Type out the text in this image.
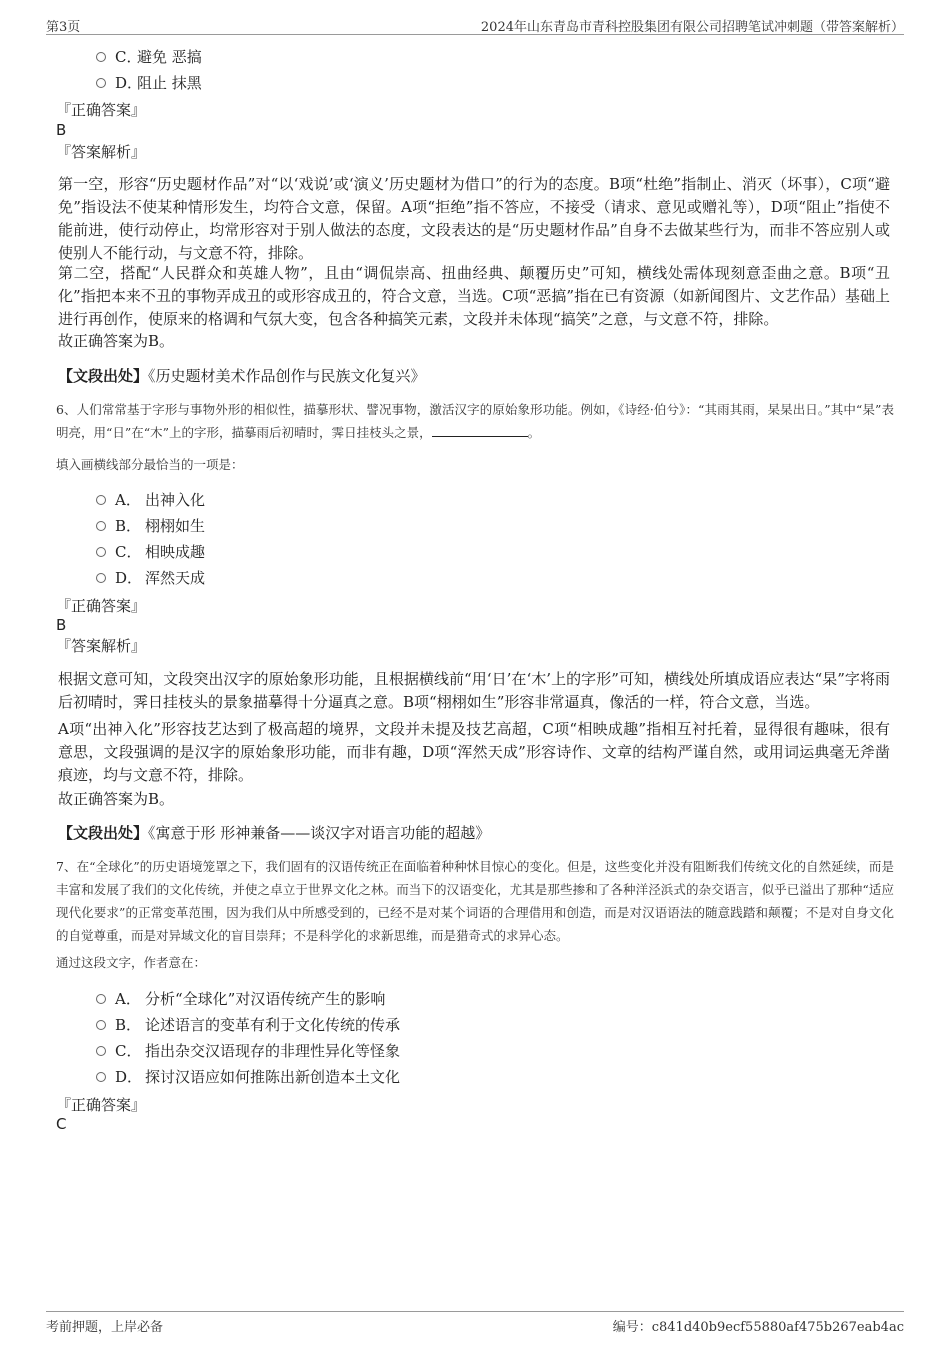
第3页	2024年山东青岛市青科控股集团有限公司招聘笔试冲刺题（带答案解析）
C．避免 恶搞
D．阻止 抹黑
『正确答案』
B
『答案解析』

第一空，形容“历史题材作品”对“以‘戏说’或‘演义’历史题材为借口”的行为的态度。B项“杜绝”指制止、消灭（坏事），C项“避免”指设法不使某种情形发生，均符合文意，保留。A项“拒绝”指不答应，不接受（请求、意见或赠礼等），D项“阻止”指使不能前进，使行动停止，均常形容对于别人做法的态度，文段表达的是“历史题材作品”自身不去做某些行为，而非不答应别人或使别人不能行动，与文意不符，排除。

第二空，搭配“人民群众和英雄人物”，且由“调侃崇高、扭曲经典、颠覆历史”可知，横线处需体现刻意歪曲之意。B项“丑化”指把本来不丑的事物弄成丑的或形容成丑的，符合文意，当选。C项“恶搞”指在已有资源（如新闻图片、文艺作品）基础上进行再创作，使原来的格调和气氛大变，包含各种搞笑元素，文段并未体现“搞笑”之意，与文意不符，排除。

故正确答案为B。

【文段出处】《历史题材美术作品创作与民族文化复兴》

6、人们常常基于字形与事物外形的相似性，描摹形状、譬况事物，激活汉字的原始象形功能。例如，《诗经·伯兮》：“其雨其雨，杲杲出日。”其中“杲”表明亮，用“日”在“木”上的字形，描摹雨后初晴时，霁日挂枝头之景，	。

填入画横线部分最恰当的一项是：
A． 出神入化
B． 栩栩如生
C． 相映成趣
D． 浑然天成
『正确答案』
B
『答案解析』

根据文意可知，文段突出汉字的原始象形功能，且根据横线前“用‘日’在‘木’上的字形”可知，横线处所填成语应表达“杲”字将雨后初晴时，霁日挂枝头的景象描摹得十分逼真之意。B项“栩栩如生”形容非常逼真，像活的一样，符合文意，当选。

A项“出神入化”形容技艺达到了极高超的境界，文段并未提及技艺高超，C项“相映成趣”指相互衬托着，显得很有趣味，很有意思，文段强调的是汉字的原始象形功能，而非有趣，D项“浑然天成”形容诗作、文章的结构严谨自然，或用词运典毫无斧凿痕迹，均与文意不符，排除。

故正确答案为B。

【文段出处】《寓意于形 形神兼备——谈汉字对语言功能的超越》

7、在“全球化”的历史语境笼罩之下，我们固有的汉语传统正在面临着种种怵目惊心的变化。但是，这些变化并没有阻断我们传统文化的自然延续，而是丰富和发展了我们的文化传统，并使之卓立于世界文化之林。而当下的汉语变化，尤其是那些掺和了各种洋泾浜式的杂交语言，似乎已溢出了那种“适应现代化要求”的正常变革范围，因为我们从中所感受到的，已经不是对某个词语的合理借用和创造，而是对汉语语法的随意践踏和颠覆；不是对自身文化的自觉尊重，而是对异域文化的盲目崇拜；不是科学化的求新思维，而是猎奇式的求异心态。

通过这段文字，作者意在：
A． 分析“全球化”对汉语传统产生的影响
B． 论述语言的变革有利于文化传统的传承
C． 指出杂交汉语现存的非理性异化等怪象
D． 探讨汉语应如何推陈出新创造本土文化
『正确答案』
C
考前押题，上岸必备	编号：c841d40b9ecf55880af475b267eab4ac
